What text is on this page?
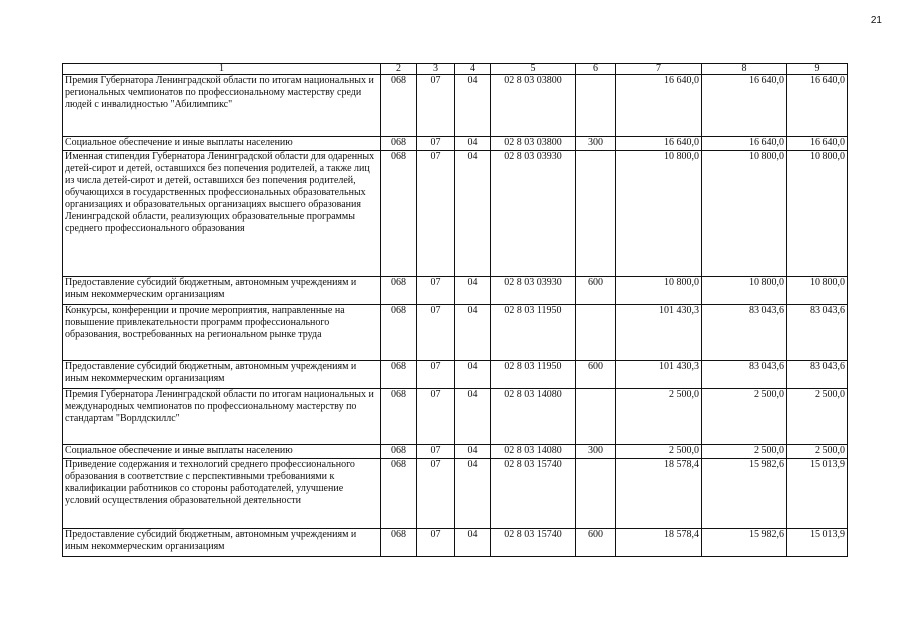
21
1	2	3	4	5	6	7	8	9
Премия Губернатора Ленинградской области по итогам национальных и региональных чемпионатов по профессиональному мастерству среди людей с инвалидностью "Абилимпикс"	068	07	04	02 8 03 03800		16 640,0	16 640,0	16 640,0
Социальное обеспечение и иные выплаты населению	068	07	04	02 8 03 03800	300	16 640,0	16 640,0	16 640,0
Именная стипендия Губернатора Ленинградской области для одаренных детей-сирот и детей, оставшихся без попечения родителей, а также лиц из числа детей-сирот и детей, оставшихся без попечения родителей, обучающихся в государственных профессиональных образовательных организациях и образовательных организациях высшего образования Ленинградской области, реализующих образовательные программы среднего профессионального образования	068	07	04	02 8 03 03930		10 800,0	10 800,0	10 800,0
Предоставление субсидий бюджетным, автономным учреждениям и иным некоммерческим организациям	068	07	04	02 8 03 03930	600	10 800,0	10 800,0	10 800,0
Конкурсы, конференции и прочие мероприятия, направленные на повышение привлекательности программ профессионального образования, востребованных на региональном рынке труда	068	07	04	02 8 03 11950		101 430,3	83 043,6	83 043,6
Предоставление субсидий бюджетным, автономным учреждениям и иным некоммерческим организациям	068	07	04	02 8 03 11950	600	101 430,3	83 043,6	83 043,6
Премия Губернатора Ленинградской области по итогам национальных и международных чемпионатов по профессиональному мастерству по стандартам "Ворлдскиллс"	068	07	04	02 8 03 14080		2 500,0	2 500,0	2 500,0
Социальное обеспечение и иные выплаты населению	068	07	04	02 8 03 14080	300	2 500,0	2 500,0	2 500,0
Приведение содержания и технологий среднего профессионального образования в соответствие с перспективными требованиями к квалификации работников со стороны работодателей, улучшение условий осуществления образовательной деятельности	068	07	04	02 8 03 15740		18 578,4	15 982,6	15 013,9
Предоставление субсидий бюджетным, автономным учреждениям и иным некоммерческим организациям	068	07	04	02 8 03 15740	600	18 578,4	15 982,6	15 013,9
